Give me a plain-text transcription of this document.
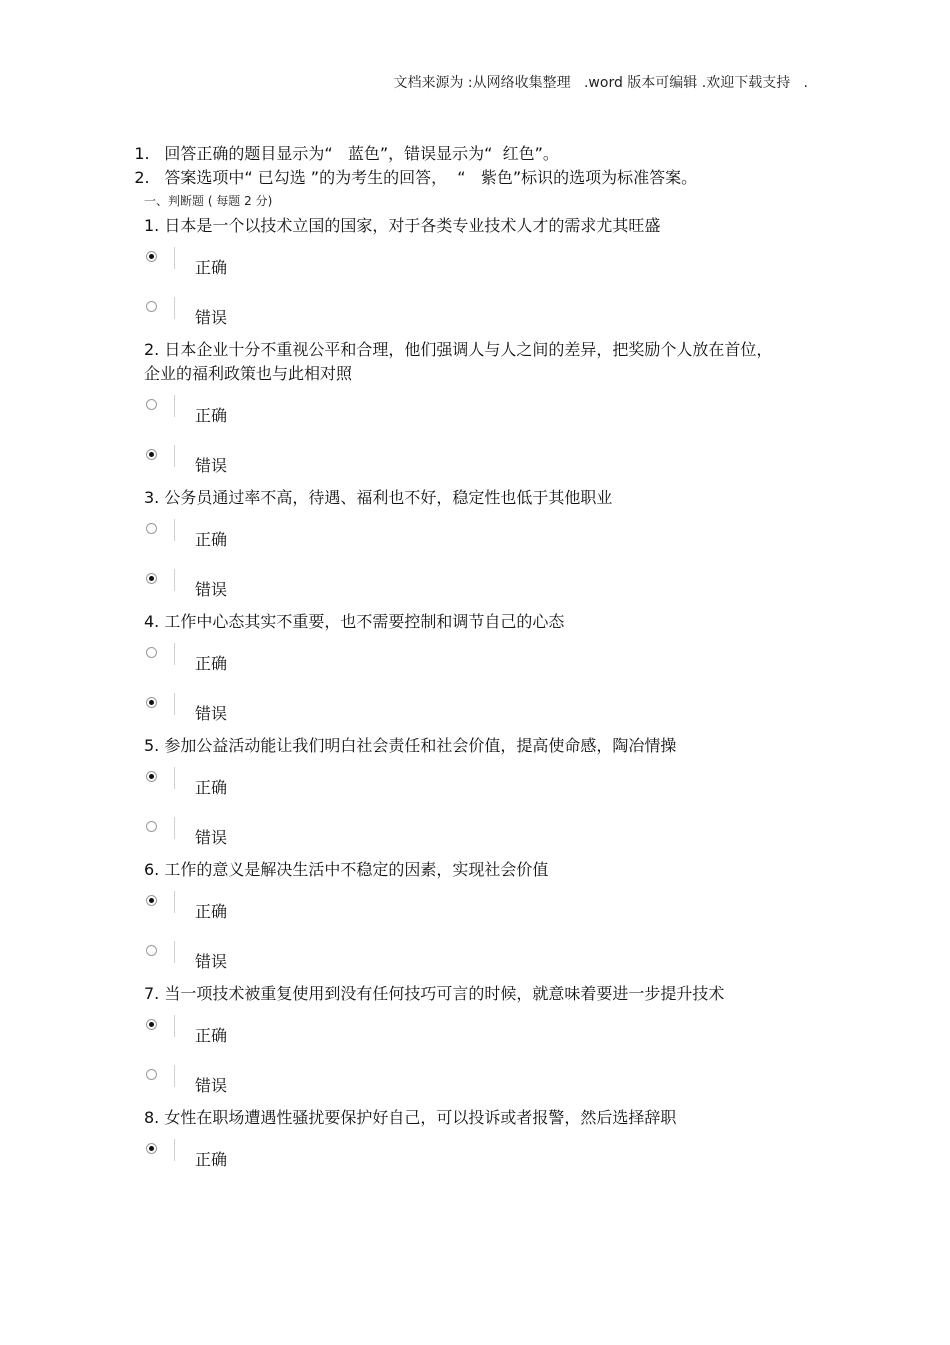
文档来源为 :从网络收集整理   .word 版本可编辑 .欢迎下载支持   .

1. 回答正确的题目显示为“   蓝色”，错误显示为“  红色”。

2. 答案选项中“ 已勾选 ”的为考生的回答，  “   紫色”标识的选项为标准答案。

一、判断题 ( 每题 2 分)
1. 日本是一个以技术立国的国家，对于各类专业技术人才的需求尤其旺盛
正确
错误
2. 日本企业十分不重视公平和合理，他们强调人与人之间的差异，把奖励个人放在首位，企业的福利政策也与此相对照
正确
错误
3. 公务员通过率不高，待遇、福利也不好，稳定性也低于其他职业
正确
错误
4. 工作中心态其实不重要，也不需要控制和调节自己的心态
正确
错误
5. 参加公益活动能让我们明白社会责任和社会价值，提高使命感，陶冶情操
正确
错误
6. 工作的意义是解决生活中不稳定的因素，实现社会价值
正确
错误
7. 当一项技术被重复使用到没有任何技巧可言的时候，就意味着要进一步提升技术
正确
错误
8. 女性在职场遭遇性骚扰要保护好自己，可以投诉或者报警，然后选择辞职
正确
